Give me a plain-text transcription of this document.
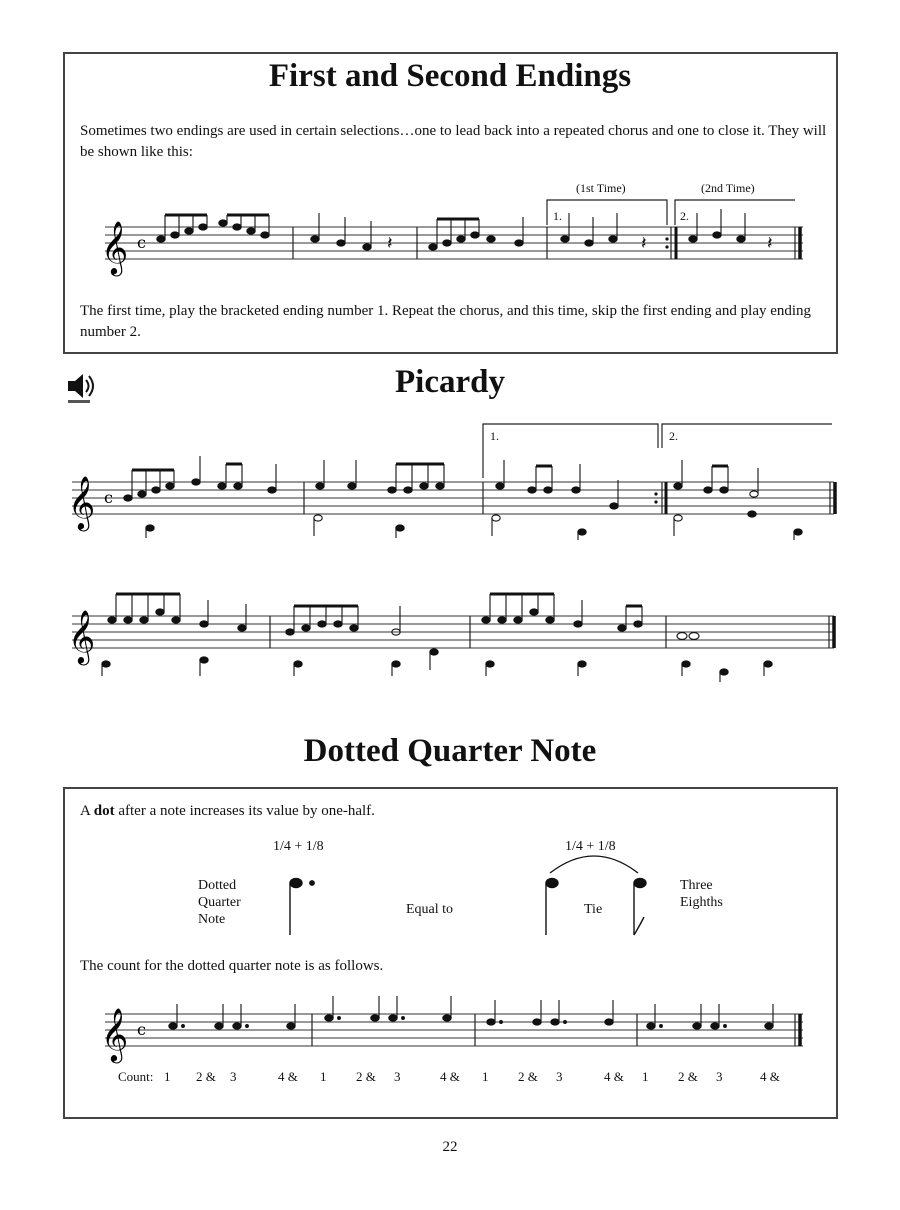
First and Second Endings

Sometimes two endings are used in certain selections…one to lead back into a repeated chorus and one to close it. They will be shown like this:

(1st Time)	(2nd Time)
1.	2.
𝄞 c	𝄽	𝄽	𝄽

The first time, play the bracketed ending number 1. Repeat the chorus, and this time, skip the first ending and play ending number 2.

Picardy
1.	2.
𝄞 c
𝄞
Dotted Quarter Note

A dot after a note increases its value by one-half.

1/4 + 1/8	1/4 + 1/8
Dotted
Quarter
Note
Equal to	Tie
Three
Eighths

The count for the dotted quarter note is as follows.

𝄞 c
Count: 1 2 & 3	4 & 1 2 & 3	4 & 1 2 & 3	4 & 1 2 & 3	4 &
22
